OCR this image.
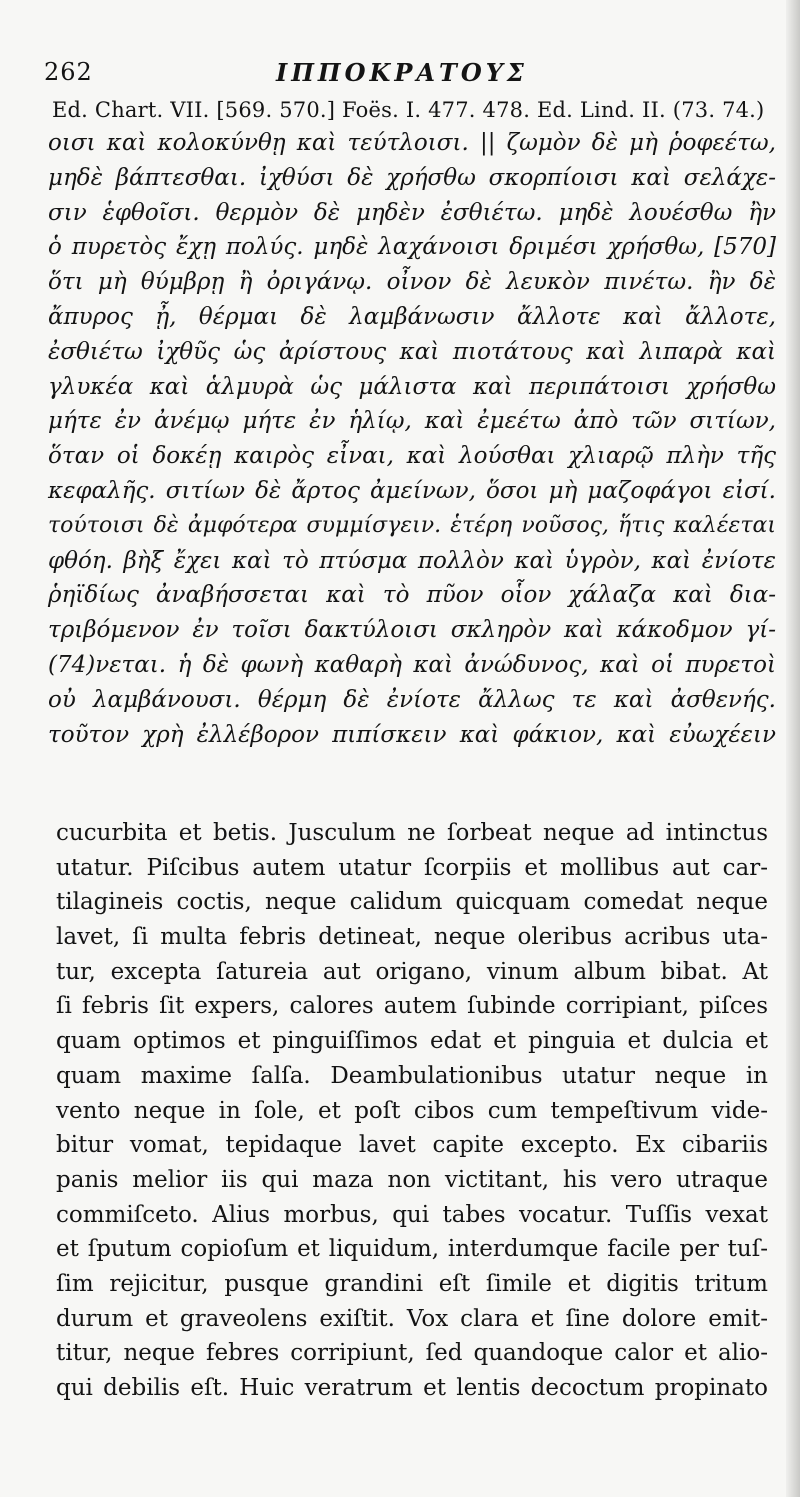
262	ΙΠΠΟΚΡΑΤΟΥΣ
Ed. Chart. VII. [569. 570.] Foës. I. 477. 478. Ed. Lind. II. (73. 74.)
οισι καὶ κολοκύνθῃ καὶ τεύτλοισι. || ζωμὸν δὲ μὴ ῥοφεέτω,
μηδὲ βάπτεσθαι. ἰχθύσι δὲ χρήσθω σκορπίοισι καὶ σελάχε-
σιν ἑφθοῖσι. θερμὸν δὲ μηδὲν ἐσθιέτω. μηδὲ λουέσθω ἢν
ὁ πυρετὸς ἔχῃ πολύς. μηδὲ λαχάνοισι δριμέσι χρήσθω, [570]
ὅτι μὴ θύμβρῃ ἢ ὀριγάνῳ. οἶνον δὲ λευκὸν πινέτω. ἢν δὲ
ἄπυρος ᾖ, θέρμαι δὲ λαμβάνωσιν ἄλλοτε καὶ ἄλλοτε,
ἐσθιέτω ἰχθῦς ὡς ἀρίστους καὶ πιοτάτους καὶ λιπαρὰ καὶ
γλυκέα καὶ ἁλμυρὰ ὡς μάλιστα καὶ περιπάτοισι χρήσθω
μήτε ἐν ἀνέμῳ μήτε ἐν ἡλίῳ, καὶ ἐμεέτω ἀπὸ τῶν σιτίων,
ὅταν οἱ δοκέῃ καιρὸς εἶναι, καὶ λούσθαι χλιαρῷ πλὴν τῆς
κεφαλῆς. σιτίων δὲ ἄρτος ἀμείνων, ὅσοι μὴ μαζοφάγοι εἰσί.
τούτοισι δὲ ἀμφότερα συμμίσγειν. ἑτέρη νοῦσος, ἥτις καλέεται
φθόη. βὴξ ἔχει καὶ τὸ πτύσμα πολλὸν καὶ ὑγρὸν, καὶ ἐνίοτε
ῥηϊδίως ἀναβήσσεται καὶ τὸ πῦον οἷον χάλαζα καὶ δια-
τριβόμενον ἐν τοῖσι δακτύλοισι σκληρὸν καὶ κάκοδμον γί-
(74)νεται. ἡ δὲ φωνὴ καθαρὴ καὶ ἀνώδυνος, καὶ οἱ πυρετοὶ
οὐ λαμβάνουσι. θέρμη δὲ ἐνίοτε ἄλλως τε καὶ ἀσθενής.
τοῦτον χρὴ ἐλλέβορον πιπίσκειν καὶ φάκιον, καὶ εὐωχέειν
cucurbita et betis. Jusculum ne ſorbeat neque ad intinctus
utatur. Piſcibus autem utatur ſcorpiis et mollibus aut car-
tilagineis coctis, neque calidum quicquam comedat neque
lavet, ſi multa febris detineat, neque oleribus acribus uta-
tur, excepta ſatureia aut origano, vinum album bibat. At
ſi febris ſit expers, calores autem ſubinde corripiant, piſces
quam optimos et pinguiſſimos edat et pinguia et dulcia et
quam maxime ſalſa. Deambulationibus utatur neque in
vento neque in ſole, et poſt cibos cum tempeſtivum vide-
bitur vomat, tepidaque lavet capite excepto. Ex cibariis
panis melior iis qui maza non victitant, his vero utraque
commiſceto. Alius morbus, qui tabes vocatur. Tuſſis vexat
et ſputum copioſum et liquidum, interdumque facile per tuſ-
ſim rejicitur, pusque grandini eſt ſimile et digitis tritum
durum et graveolens exiſtit. Vox clara et ſine dolore emit-
titur, neque febres corripiunt, ſed quandoque calor et alio-
qui debilis eſt. Huic veratrum et lentis decoctum propinato
